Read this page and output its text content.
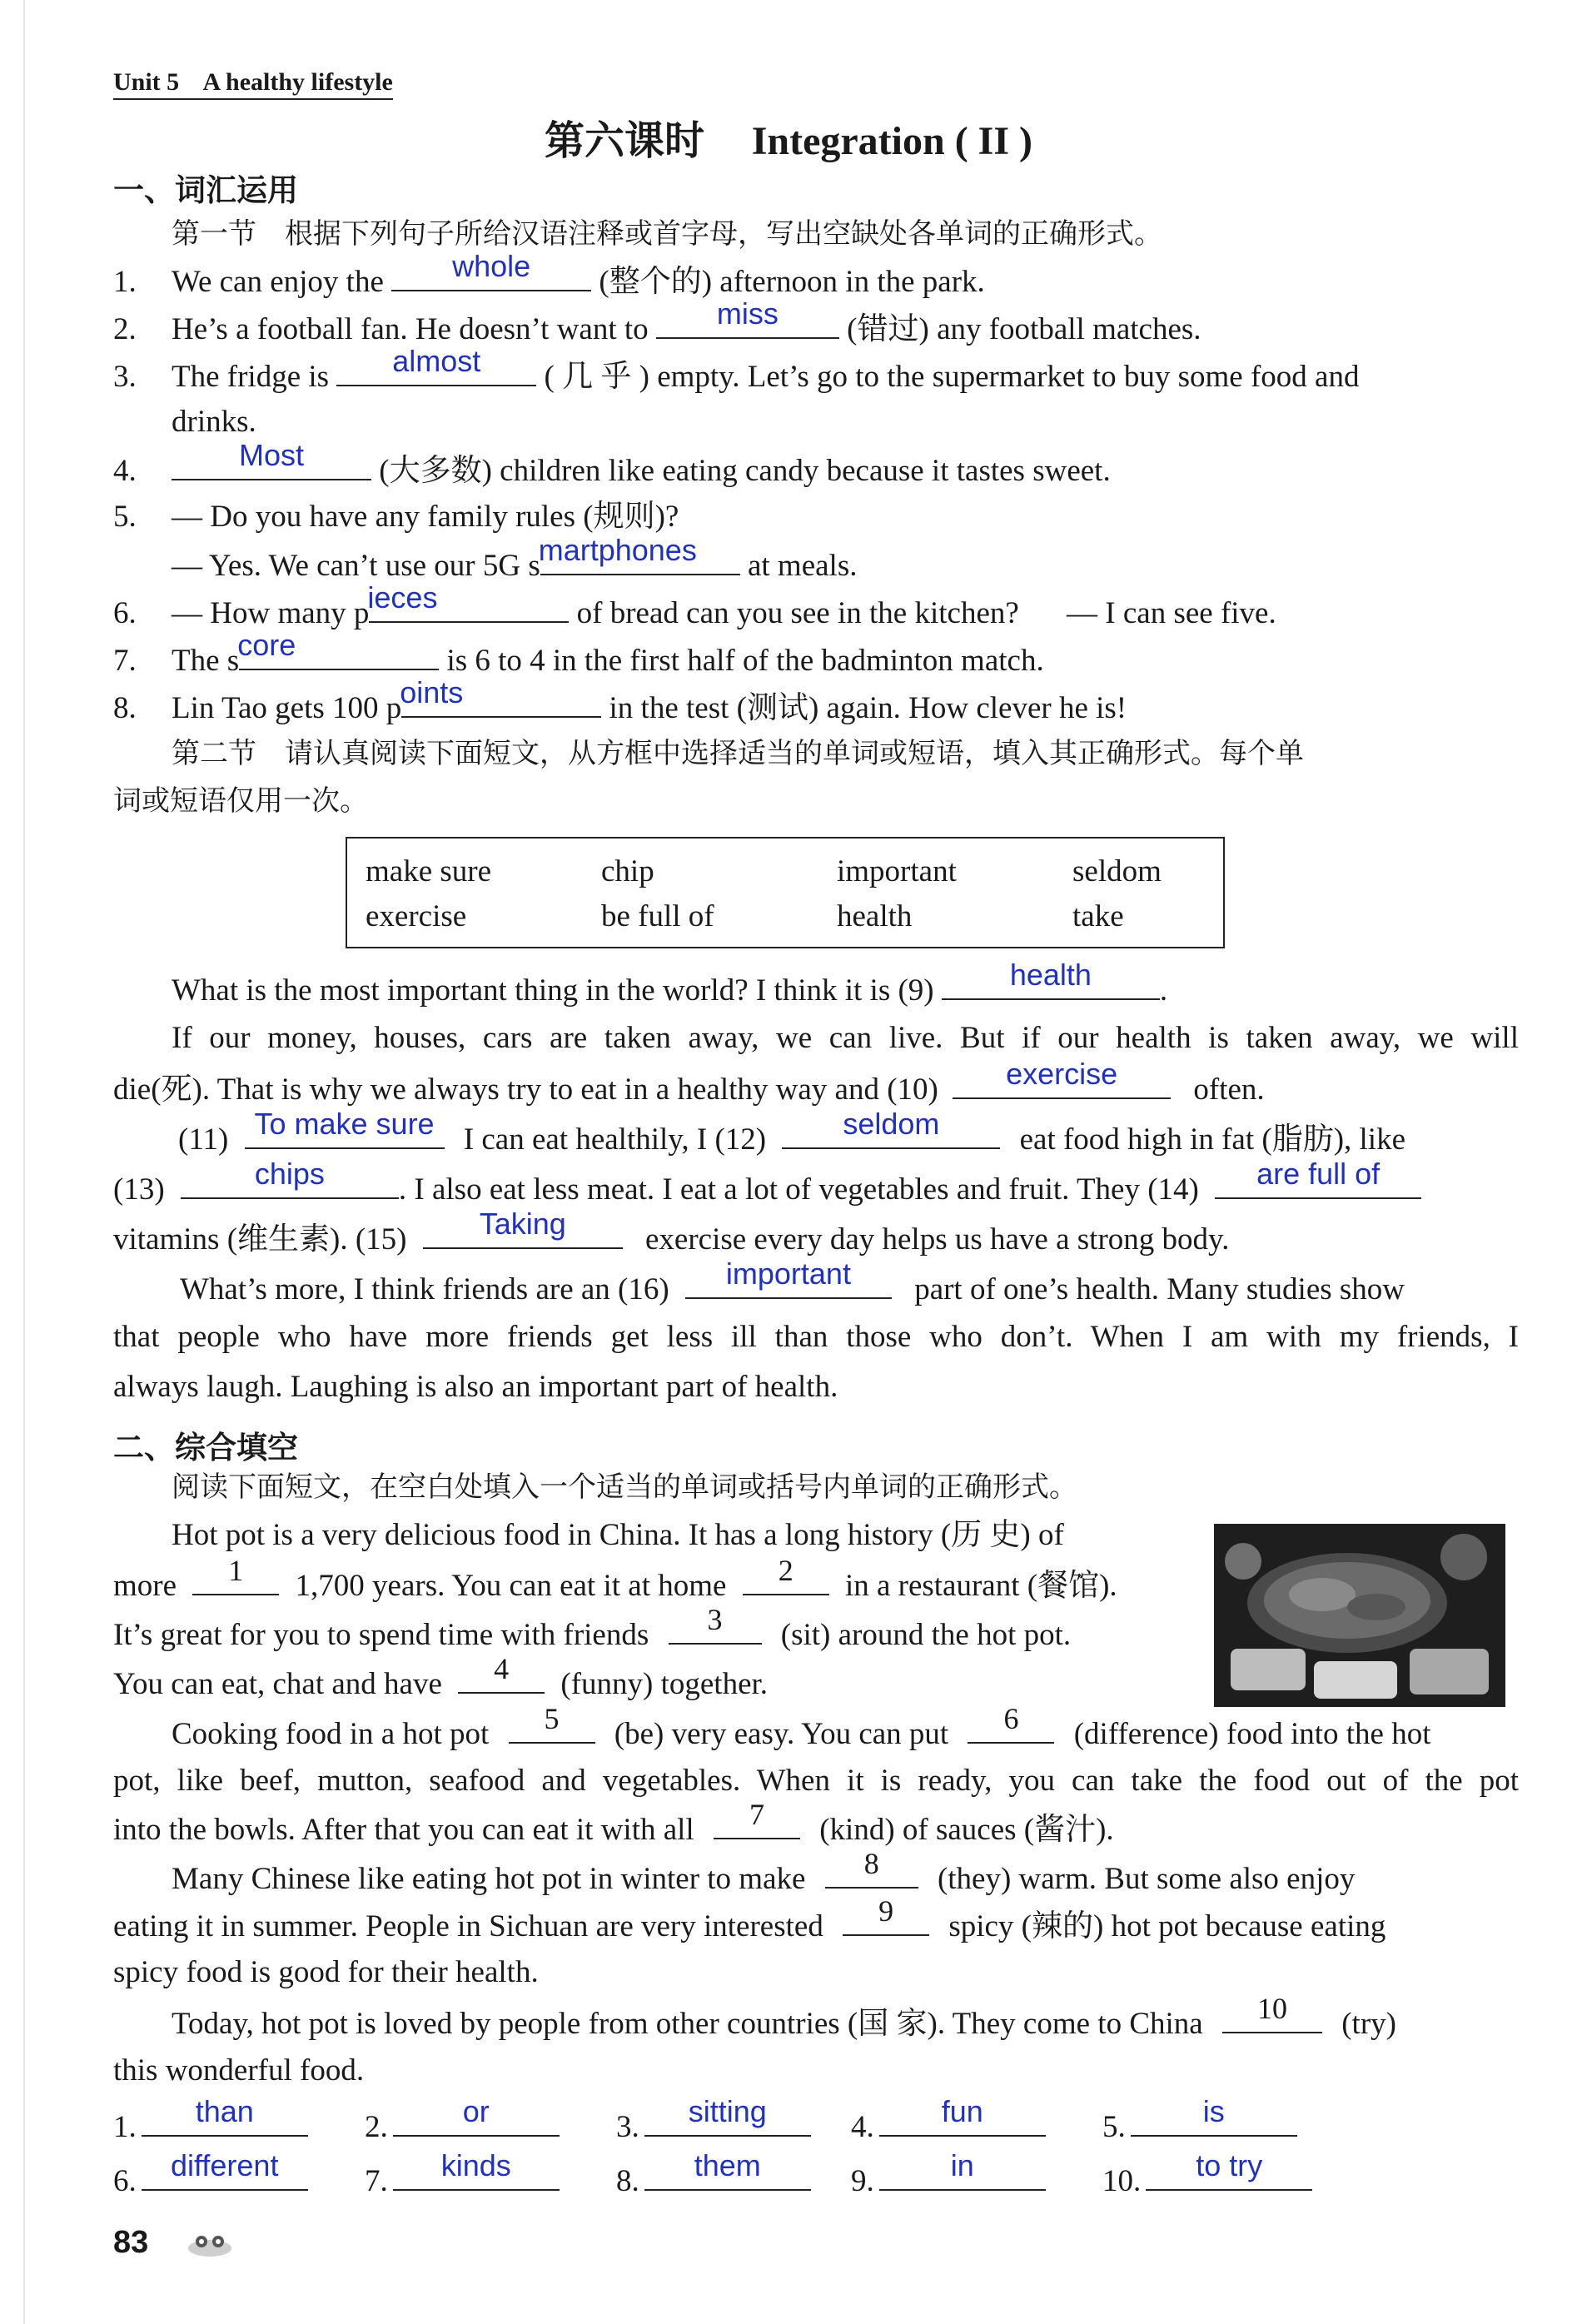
Unit 5    A healthy lifestyle
第六课时 Integration ( II )
一、词汇运用
第一节　根据下列句子所给汉语注释或首字母，写出空缺处各单词的正确形式。
1. We can enjoy the	whole	(整个的) afternoon in the park.
2. He’s a football fan. He doesn’t want to	miss	(错过) any football matches.
3. The fridge is	almost	( 几 乎 ) empty. Let’s go to the supermarket to buy some food and
drinks.
4.	Most	(大多数) children like eating candy because it tastes sweet.
5. — Do you have any family rules (规则)?
— Yes. We can’t use our 5G s
martphones	at meals.
6. — How many p
ieces	of bread can you see in the kitchen? — I can see five.
7. The s
core	is 6 to 4 in the first half of the badminton match.
8. Lin Tao gets 100 p
oints	in the test (测试) again. How clever he is!
第二节　请认真阅读下面短文，从方框中选择适当的单词或短语，填入其正确形式。每个单
词或短语仅用一次。
make sure	chip	important	seldom
exercise	be full of	health	take
What is the most important thing in the world? I think it is (9)	health	.
If our money, houses, cars are taken away, we can live. But if our health is taken away, we will
die(死). That is why we always try to eat in a healthy way and (10)	exercise	often.
(11) To make sure I can eat healthily, I (12)	seldom	eat food high in fat (脂肪), like
(13)	chips	. I also eat less meat. I eat a lot of vegetables and fruit. They (14)	are full of
vitamins (维生素). (15)	Taking	exercise every day helps us have a strong body.
What’s more, I think friends are an (16)	important	part of one’s health. Many studies show
that people who have more friends get less ill than those who don’t. When I am with my friends, I
always laugh. Laughing is also an important part of health.
二、综合填空
阅读下面短文，在空白处填入一个适当的单词或括号内单词的正确形式。
Hot pot is a very delicious food in China. It has a long history (历 史) of
more	1	1,700 years. You can eat it at home	2	in a restaurant (餐馆).
It’s great for you to spend time with friends	3	(sit) around the hot pot.
You can eat, chat and have	4	(funny) together.
Cooking food in a hot pot	5	(be) very easy. You can put	6	(difference) food into the hot
pot, like beef, mutton, seafood and vegetables. When it is ready, you can take the food out of the pot
into the bowls. After that you can eat it with all	7	(kind) of sauces (酱汁).
Many Chinese like eating hot pot in winter to make	8	(they) warm. But some also enjoy
eating it in summer. People in Sichuan are very interested	9	spicy (辣的) hot pot because eating
spicy food is good for their health.
Today, hot pot is loved by people from other countries (国 家). They come to China	10	(try)
this wonderful food.
1.	than	2.	or	3.	sitting	4.	fun	5.	is
6.	different	7.	kinds	8.	them	9.	in	10.	to try
83
